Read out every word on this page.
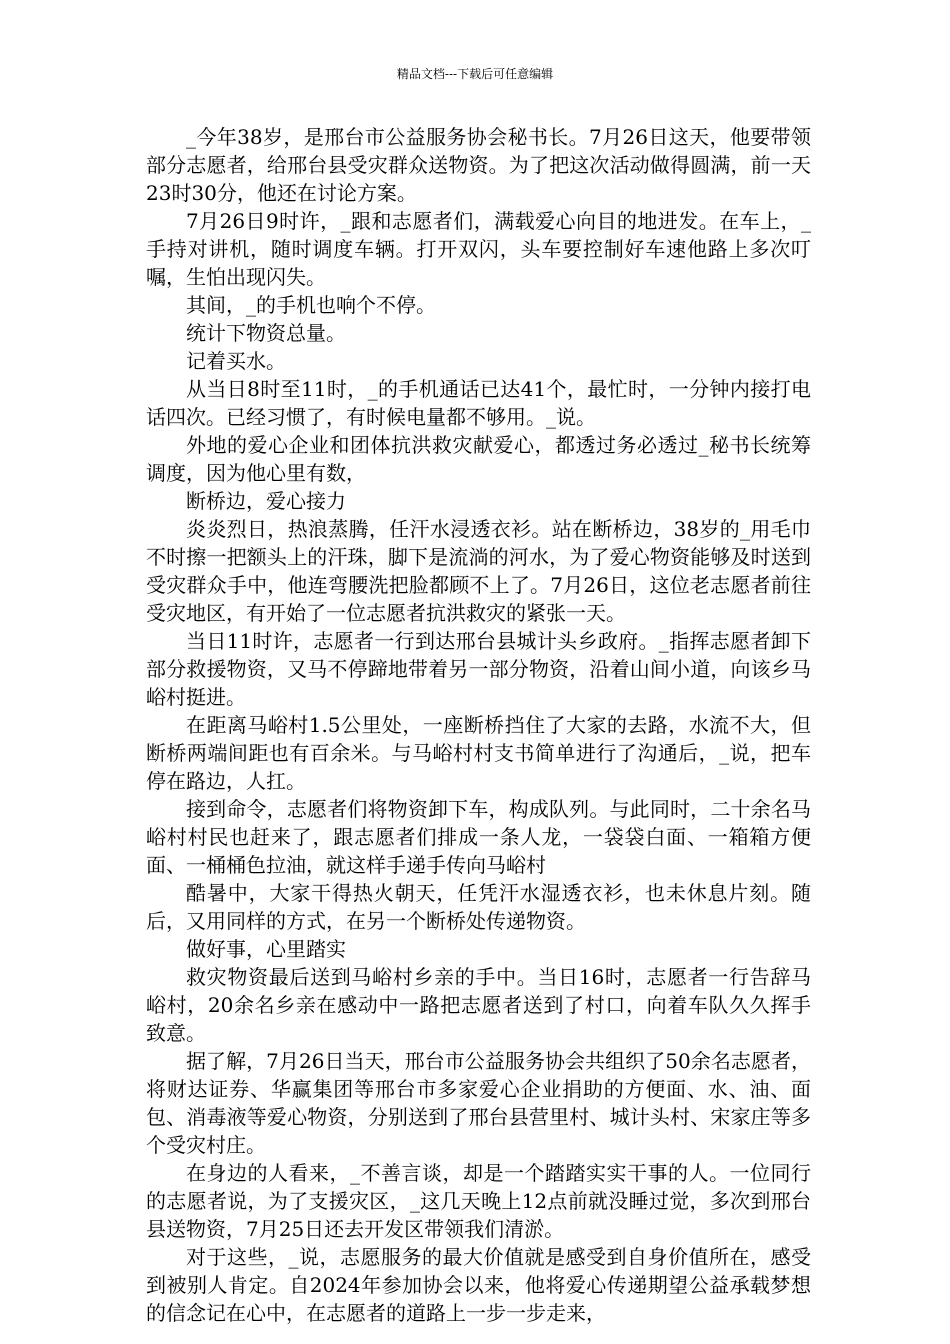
精品文档---下载后可任意编辑

_今年38岁，是邢台市公益服务协会秘书长。7月26日这天，他要带领部分志愿者，给邢台县受灾群众送物资。为了把这次活动做得圆满，前一天23时30分，他还在讨论方案。

7月26日9时许，_跟和志愿者们，满载爱心向目的地进发。在车上，_手持对讲机，随时调度车辆。打开双闪，头车要控制好车速他路上多次叮嘱，生怕出现闪失。

其间，_的手机也响个不停。

统计下物资总量。

记着买水。

从当日8时至11时，_的手机通话已达41个，最忙时，一分钟内接打电话四次。已经习惯了，有时候电量都不够用。_说。

外地的爱心企业和团体抗洪救灾献爱心，都透过务必透过_秘书长统筹调度，因为他心里有数，

断桥边，爱心接力

炎炎烈日，热浪蒸腾，任汗水浸透衣衫。站在断桥边，38岁的_用毛巾不时擦一把额头上的汗珠，脚下是流淌的河水，为了爱心物资能够及时送到受灾群众手中，他连弯腰洗把脸都顾不上了。7月26日，这位老志愿者前往受灾地区，有开始了一位志愿者抗洪救灾的紧张一天。

当日11时许，志愿者一行到达邢台县城计头乡政府。_指挥志愿者卸下部分救援物资，又马不停蹄地带着另一部分物资，沿着山间小道，向该乡马峪村挺进。

在距离马峪村1.5公里处，一座断桥挡住了大家的去路，水流不大，但断桥两端间距也有百余米。与马峪村村支书简单进行了沟通后，_说，把车停在路边，人扛。

接到命令，志愿者们将物资卸下车，构成队列。与此同时，二十余名马峪村村民也赶来了，跟志愿者们排成一条人龙，一袋袋白面、一箱箱方便面、一桶桶色拉油，就这样手递手传向马峪村

酷暑中，大家干得热火朝天，任凭汗水湿透衣衫，也未休息片刻。随后，又用同样的方式，在另一个断桥处传递物资。

做好事，心里踏实

救灾物资最后送到马峪村乡亲的手中。当日16时，志愿者一行告辞马峪村，20余名乡亲在感动中一路把志愿者送到了村口，向着车队久久挥手致意。

据了解，7月26日当天，邢台市公益服务协会共组织了50余名志愿者，将财达证券、华赢集团等邢台市多家爱心企业捐助的方便面、水、油、面包、消毒液等爱心物资，分别送到了邢台县营里村、城计头村、宋家庄等多个受灾村庄。

在身边的人看来，_不善言谈，却是一个踏踏实实干事的人。一位同行的志愿者说，为了支援灾区，_这几天晚上12点前就没睡过觉，多次到邢台县送物资，7月25日还去开发区带领我们清淤。

对于这些，_说，志愿服务的最大价值就是感受到自身价值所在，感受到被别人肯定。自2024年参加协会以来，他将爱心传递期望公益承载梦想的信念记在心中，在志愿者的道路上一步一步走来，
